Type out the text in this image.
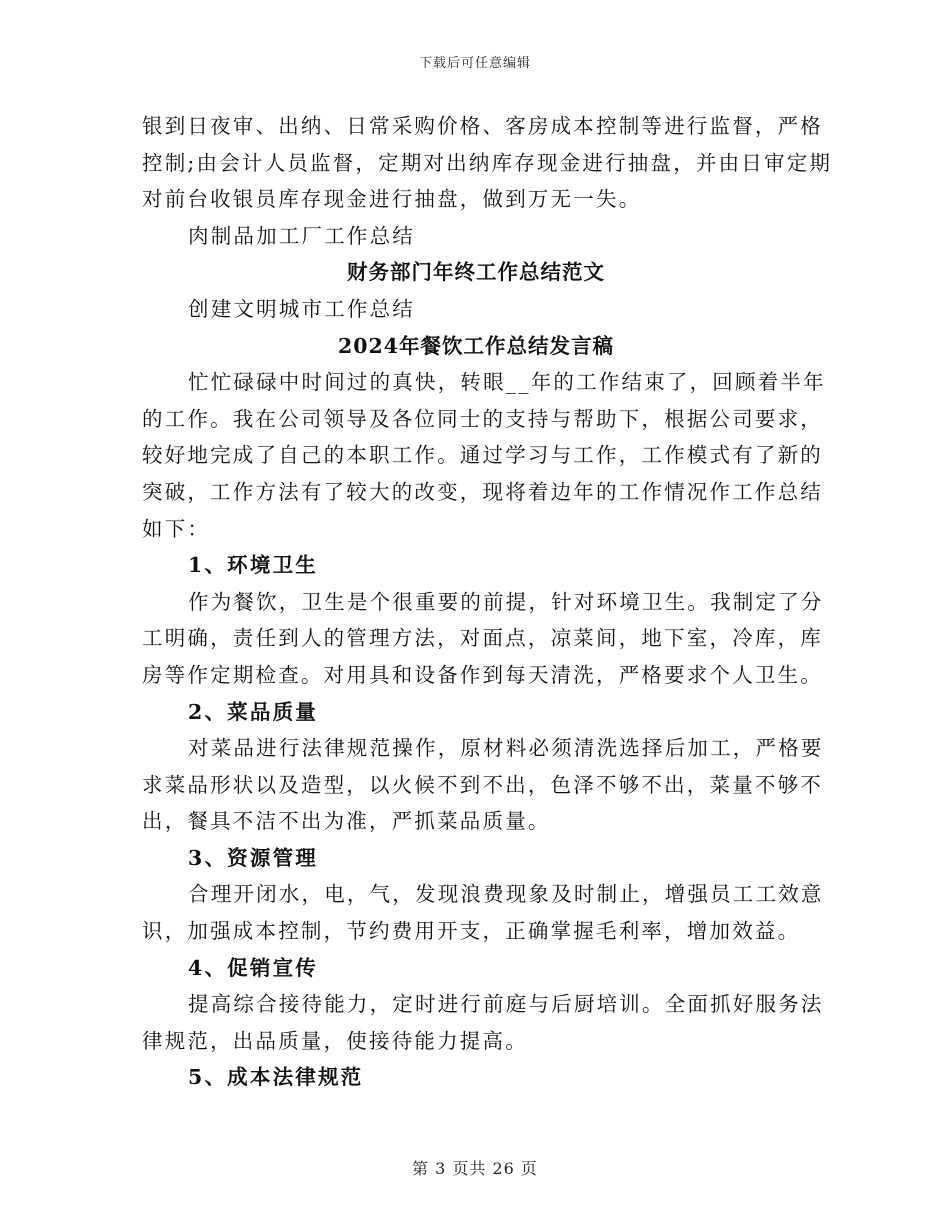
下载后可任意编辑
银到日夜审、出纳、日常采购价格、客房成本控制等进行监督，严格
控制;由会计人员监督，定期对出纳库存现金进行抽盘，并由日审定期
对前台收银员库存现金进行抽盘，做到万无一失。
肉制品加工厂工作总结
财务部门年终工作总结范文
创建文明城市工作总结
2024年餐饮工作总结发言稿
忙忙碌碌中时间过的真快，转眼__年的工作结束了，回顾着半年
的工作。我在公司领导及各位同士的支持与帮助下，根据公司要求，
较好地完成了自己的本职工作。通过学习与工作，工作模式有了新的
突破，工作方法有了较大的改变，现将着边年的工作情况作工作总结
如下：
1、环境卫生
作为餐饮，卫生是个很重要的前提，针对环境卫生。我制定了分
工明确，责任到人的管理方法，对面点，凉菜间，地下室，冷库，库
房等作定期检查。对用具和设备作到每天清洗，严格要求个人卫生。
2、菜品质量
对菜品进行法律规范操作，原材料必须清洗选择后加工，严格要
求菜品形状以及造型，以火候不到不出，色泽不够不出，菜量不够不
出，餐具不洁不出为准，严抓菜品质量。
3、资源管理
合理开闭水，电，气，发现浪费现象及时制止，增强员工工效意
识，加强成本控制，节约费用开支，正确掌握毛利率，增加效益。
4、促销宣传
提高综合接待能力，定时进行前庭与后厨培训。全面抓好服务法
律规范，出品质量，使接待能力提高。
5、成本法律规范
第 3 页共 26 页
